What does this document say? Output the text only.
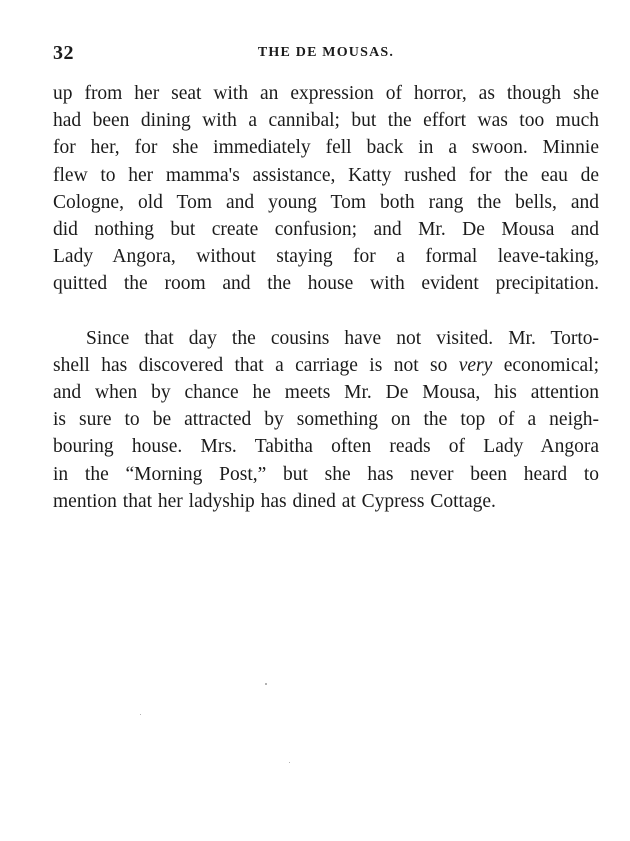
32	THE DE MOUSAS.

up from her seat with an expression of horror, as though she
had been dining with a cannibal; but the effort was too much
for her, for she immediately fell back in a swoon. Minnie
flew to her mamma's assistance, Katty rushed for the eau de
Cologne, old Tom and young Tom both rang the bells, and
did nothing but create confusion; and Mr. De Mousa and
Lady Angora, without staying for a formal leave-taking,
quitted the room and the house with evident precipitation.

Since that day the cousins have not visited. Mr. Torto-
shell has discovered that a carriage is not so very economical;
and when by chance he meets Mr. De Mousa, his attention
is sure to be attracted by something on the top of a neigh-
bouring house. Mrs. Tabitha often reads of Lady Angora
in the “Morning Post,” but she has never been heard to
mention that her ladyship has dined at Cypress Cottage.
